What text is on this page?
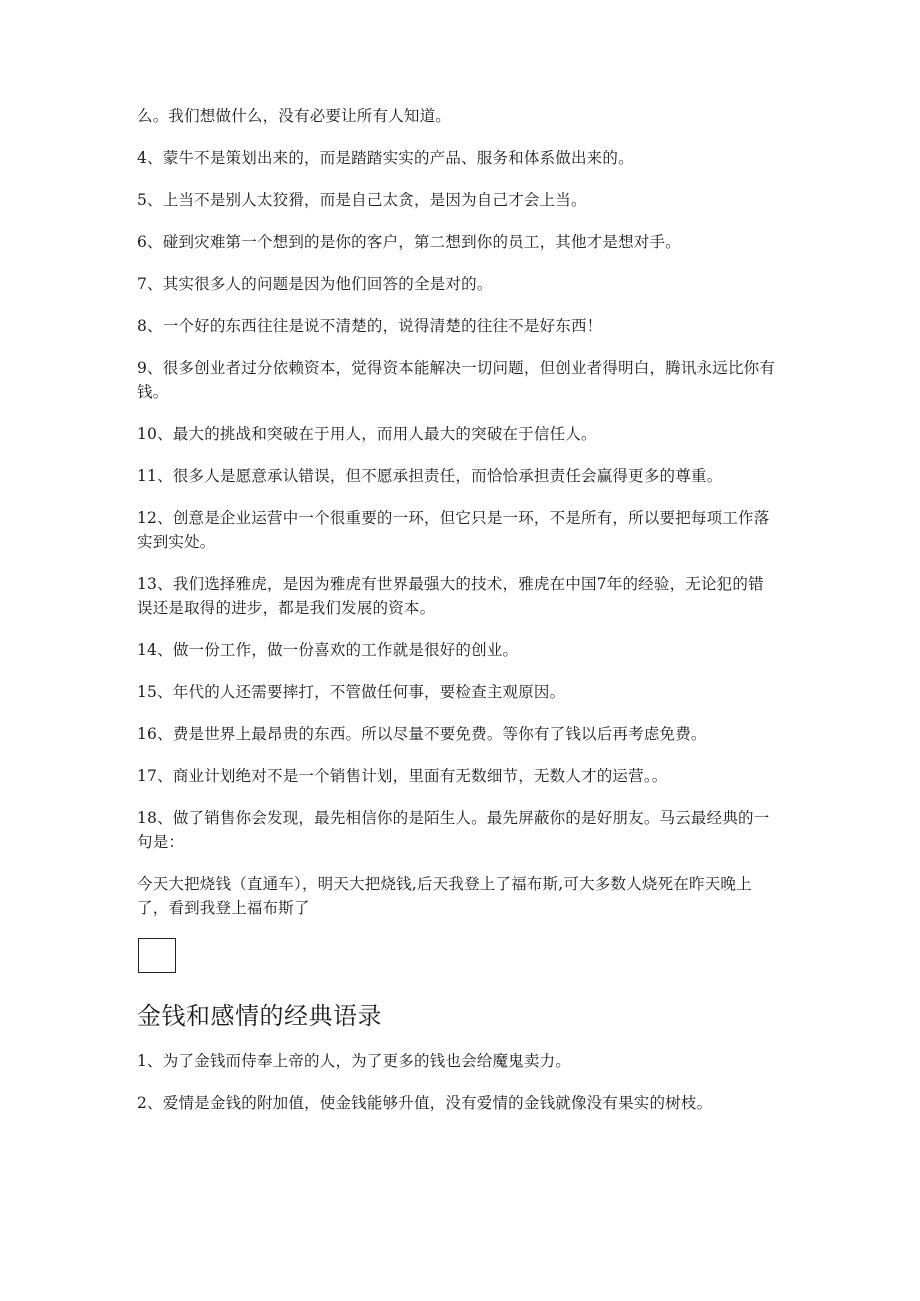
么。我们想做什么，没有必要让所有人知道。

4、蒙牛不是策划出来的，而是踏踏实实的产品、服务和体系做出来的。

5、上当不是别人太狡猾，而是自己太贪，是因为自己才会上当。

6、碰到灾难第一个想到的是你的客户，第二想到你的员工，其他才是想对手。

7、其实很多人的问题是因为他们回答的全是对的。

8、一个好的东西往往是说不清楚的，说得清楚的往往不是好东西！

9、很多创业者过分依赖资本，觉得资本能解决一切问题，但创业者得明白，腾讯永远比你有钱。

10、最大的挑战和突破在于用人，而用人最大的突破在于信任人。

11、很多人是愿意承认错误，但不愿承担责任，而恰恰承担责任会赢得更多的尊重。

12、创意是企业运营中一个很重要的一环，但它只是一环，不是所有，所以要把每项工作落实到实处。

13、我们选择雅虎，是因为雅虎有世界最强大的技术，雅虎在中国7年的经验，无论犯的错误还是取得的进步，都是我们发展的资本。

14、做一份工作，做一份喜欢的工作就是很好的创业。

15、年代的人还需要摔打，不管做任何事，要检查主观原因。

16、费是世界上最昂贵的东西。所以尽量不要免费。等你有了钱以后再考虑免费。

17、商业计划绝对不是一个销售计划，里面有无数细节，无数人才的运营。。

18、做了销售你会发现，最先相信你的是陌生人。最先屏蔽你的是好朋友。马云最经典的一句是：

今天大把烧钱（直通车），明天大把烧钱,后天我登上了福布斯,可大多数人烧死在昨天晚上了，看到我登上福布斯了

金钱和感情的经典语录

1、为了金钱而侍奉上帝的人，为了更多的钱也会给魔鬼卖力。

2、爱情是金钱的附加值，使金钱能够升值，没有爱情的金钱就像没有果实的树枝。
